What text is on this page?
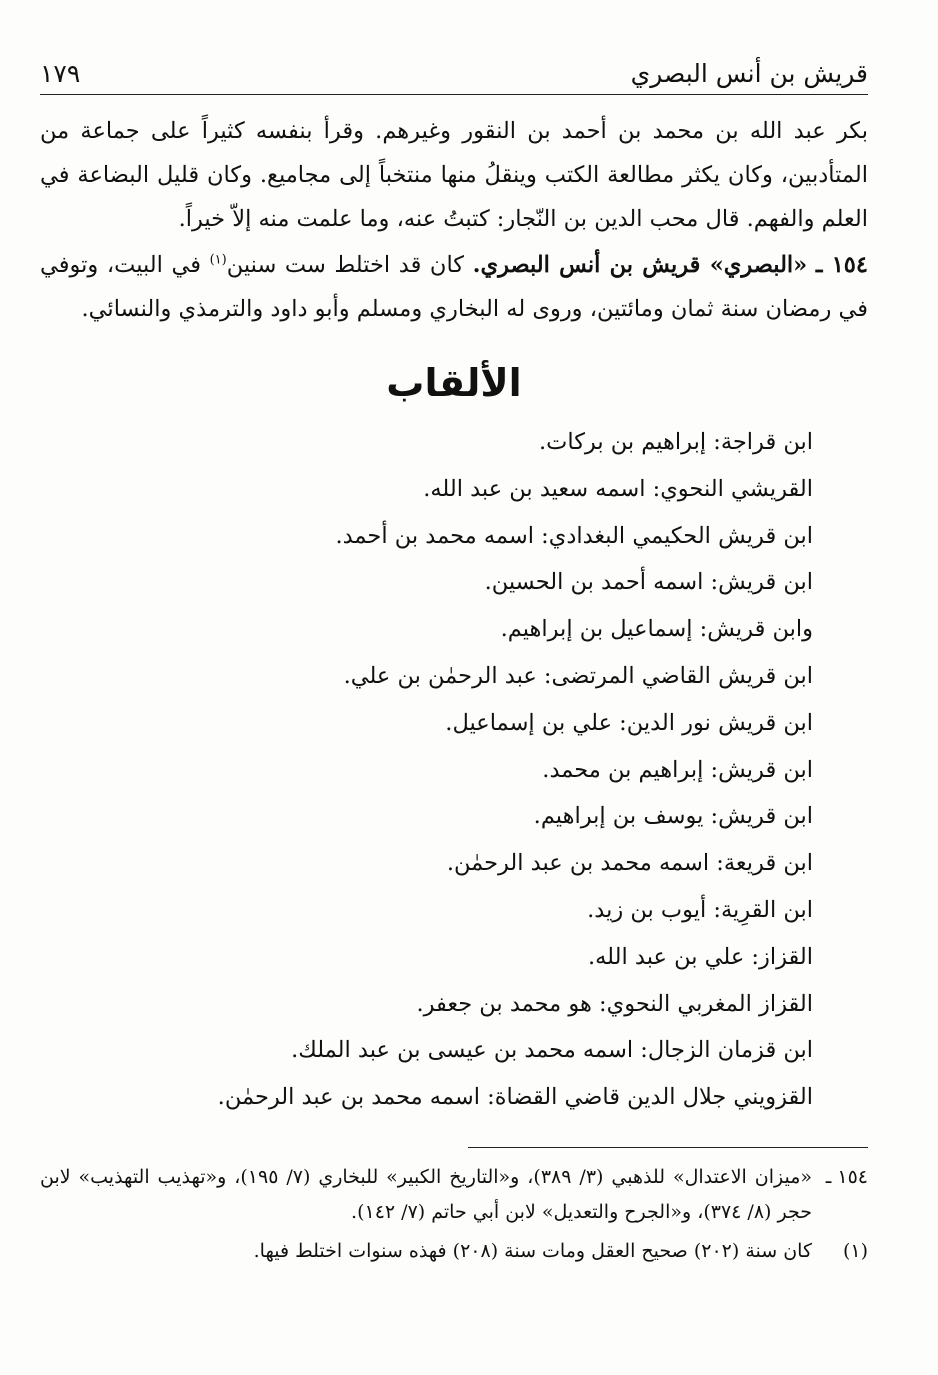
قريش بن أنس البصري
١٧٩

بكر عبد الله بن محمد بن أحمد بن النقور وغيرهم. وقرأ بنفسه كثيراً على جماعة من المتأدبين، وكان يكثر مطالعة الكتب وينقلُ منها منتخباً إلى مجاميع. وكان قليل البضاعة في العلم والفهم. قال محب الدين بن النّجار: كتبتُ عنه، وما علمت منه إلاّ خيراً.

١٥٤ ـ «البصري» قريش بن أنس البصري. كان قد اختلط ست سنين$^{(١)}$ في البيت، وتوفي في رمضان سنة ثمان ومائتين، وروى له البخاري ومسلم وأبو داود والترمذي والنسائي.

الألقاب
ابن قراجة: إبراهيم بن بركات.
القريشي النحوي: اسمه سعيد بن عبد الله.
ابن قريش الحكيمي البغدادي: اسمه محمد بن أحمد.
ابن قريش: اسمه أحمد بن الحسين.
وابن قريش: إسماعيل بن إبراهيم.
ابن قريش القاضي المرتضى: عبد الرحمٰن بن علي.
ابن قريش نور الدين: علي بن إسماعيل.
ابن قريش: إبراهيم بن محمد.
ابن قريش: يوسف بن إبراهيم.
ابن قريعة: اسمه محمد بن عبد الرحمٰن.
ابن القرِية: أيوب بن زيد.
القزاز: علي بن عبد الله.
القزاز المغربي النحوي: هو محمد بن جعفر.
ابن قزمان الزجال: اسمه محمد بن عيسى بن عبد الملك.
القزويني جلال الدين قاضي القضاة: اسمه محمد بن عبد الرحمٰن.
١٥٤ ـ
«ميزان الاعتدال» للذهبي (٣/ ٣٨٩)، و«التاريخ الكبير» للبخاري (٧/ ١٩٥)، و«تهذيب التهذيب» لابن حجر (٨/ ٣٧٤)، و«الجرح والتعديل» لابن أبي حاتم (٧/ ١٤٢).
(١)
كان سنة (٢٠٢) صحيح العقل ومات سنة (٢٠٨) فهذه سنوات اختلط فيها.
